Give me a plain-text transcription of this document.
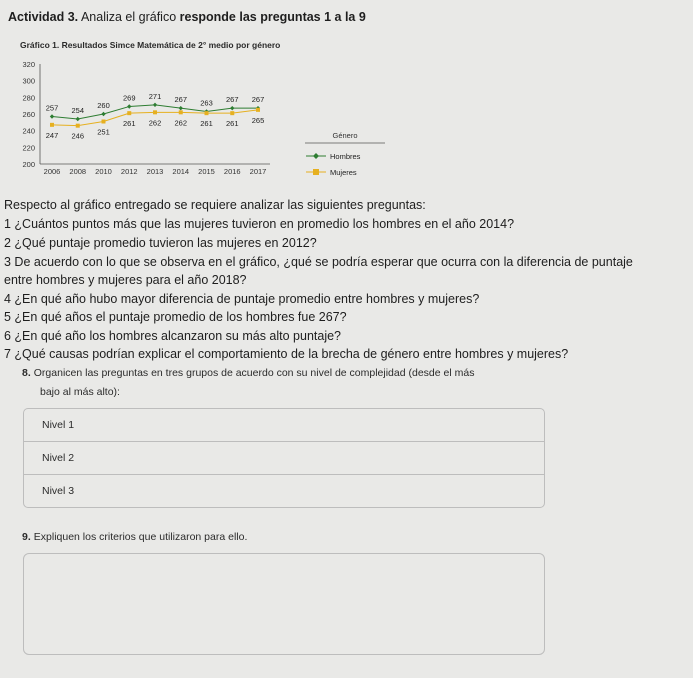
Actividad 3. Analiza el gráfico responde las preguntas 1 a la 9
Gráfico 1. Resultados Simce Matemática de 2° medio por género
320
300
280
260
240
220
200
2006 2008 2010 2012 2013 2014 2015 2016 2017
257 254
260
269 271 267 263 267 267
247 246 251
261 262 262 261 261 265
Género
Hombres
Mujeres
Respecto al gráfico entregado se requiere analizar las siguientes preguntas:
1 ¿Cuántos puntos más que las mujeres tuvieron en promedio los hombres en el año 2014?
2 ¿Qué puntaje promedio tuvieron las mujeres en 2012?
3 De acuerdo con lo que se observa en el gráfico, ¿qué se podría esperar que ocurra con la diferencia de puntaje
entre hombres y mujeres para el año 2018?
4 ¿En qué año hubo mayor diferencia de puntaje promedio entre hombres y mujeres?
5 ¿En qué años el puntaje promedio de los hombres fue 267?
6 ¿En qué año los hombres alcanzaron su más alto puntaje?
7 ¿Qué causas podrían explicar el comportamiento de la brecha de género entre hombres y mujeres?
8. Organicen las preguntas en tres grupos de acuerdo con su nivel de complejidad (desde el más
bajo al más alto):
Nivel 1
Nivel 2
Nivel 3
9. Expliquen los criterios que utilizaron para ello.
